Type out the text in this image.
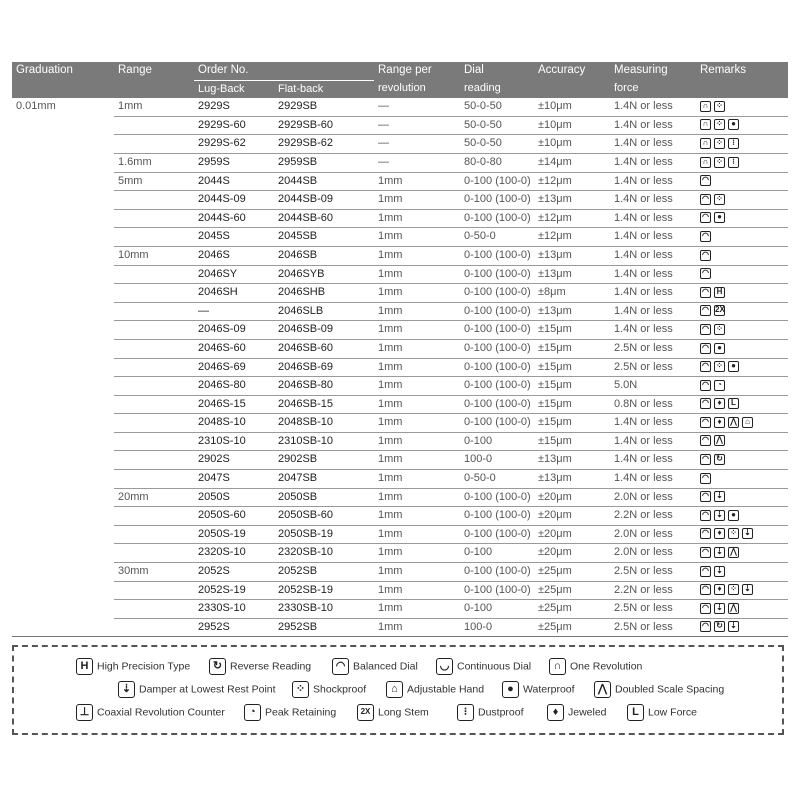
Graduation	Range	Order No.		Range per	Dial	Accuracy	Measuring	Remarks
		Lug-Back	Flat-back	revolution	reading		force	
0.01mm	1mm	2929S	2929SB	—	50-0-50	±10μm	1.4N or less	∩ ⁘
		2929S-60	2929SB-60	—	50-0-50	±10μm	1.4N or less	∩ ⁘ ●
		2929S-62	2929SB-62	—	50-0-50	±10μm	1.4N or less	∩ ⁘ ⁝
	1.6mm	2959S	2959SB	—	80-0-80	±14μm	1.4N or less	∩ ⁘ ⁝
	5mm	2044S	2044SB	1mm	0-100 (100-0)	±12μm	1.4N or less	◠
		2044S-09	2044SB-09	1mm	0-100 (100-0)	±13μm	1.4N or less	◠ ⁘
		2044S-60	2044SB-60	1mm	0-100 (100-0)	±12μm	1.4N or less	◠ ●
		2045S	2045SB	1mm	0-50-0	±12μm	1.4N or less	◠
	10mm	2046S	2046SB	1mm	0-100 (100-0)	±13μm	1.4N or less	◠
		2046SY	2046SYB	1mm	0-100 (100-0)	±13μm	1.4N or less	◠
		2046SH	2046SHB	1mm	0-100 (100-0)	±8μm	1.4N or less	◠ H
		—	2046SLB	1mm	0-100 (100-0)	±13μm	1.4N or less	◠ 2X
		2046S-09	2046SB-09	1mm	0-100 (100-0)	±15μm	1.4N or less	◠ ⁘
		2046S-60	2046SB-60	1mm	0-100 (100-0)	±15μm	2.5N or less	◠ ●
		2046S-69	2046SB-69	1mm	0-100 (100-0)	±15μm	2.5N or less	◠ ⁘ ●
		2046S-80	2046SB-80	1mm	0-100 (100-0)	±15μm	5.0N	◠ ◔
		2046S-15	2046SB-15	1mm	0-100 (100-0)	±15μm	0.8N or less	◠ ♦ L
		2048S-10	2048SB-10	1mm	0-100 (100-0)	±15μm	1.4N or less	◠ ♦ ⋀ ⌂
		2310S-10	2310SB-10	1mm	0-100	±15μm	1.4N or less	◠ ⋀
		2902S	2902SB	1mm	100-0	±13μm	1.4N or less	◠ ↻
		2047S	2047SB	1mm	0-50-0	±13μm	1.4N or less	◠
	20mm	2050S	2050SB	1mm	0-100 (100-0)	±20μm	2.0N or less	◠ ⇣
		2050S-60	2050SB-60	1mm	0-100 (100-0)	±20μm	2.2N or less	◠ ⇣ ●
		2050S-19	2050SB-19	1mm	0-100 (100-0)	±20μm	2.0N or less	◠ ♦ ⁘ ⇣
		2320S-10	2320SB-10	1mm	0-100	±20μm	2.0N or less	◠ ⇣ ⋀
	30mm	2052S	2052SB	1mm	0-100 (100-0)	±25μm	2.5N or less	◠ ⇣
		2052S-19	2052SB-19	1mm	0-100 (100-0)	±25μm	2.2N or less	◠ ♦ ⁘ ⇣
		2330S-10	2330SB-10	1mm	0-100	±25μm	2.5N or less	◠ ⇣ ⋀
		2952S	2952SB	1mm	100-0	±25μm	2.5N or less	◠ ↻ ⇣
H High Precision Type	↻ Reverse Reading	◠ Balanced Dial	◡ Continuous Dial	∩ One Revolution
⇣ Damper at Lowest Rest Point	⁘ Shockproof	⌂ Adjustable Hand	● Waterproof	⋀ Doubled Scale Spacing
⊥ Coaxial Revolution Counter	◔ Peak Retaining	2X Long Stem	⁝ Dustproof	♦ Jeweled	L Low Force
